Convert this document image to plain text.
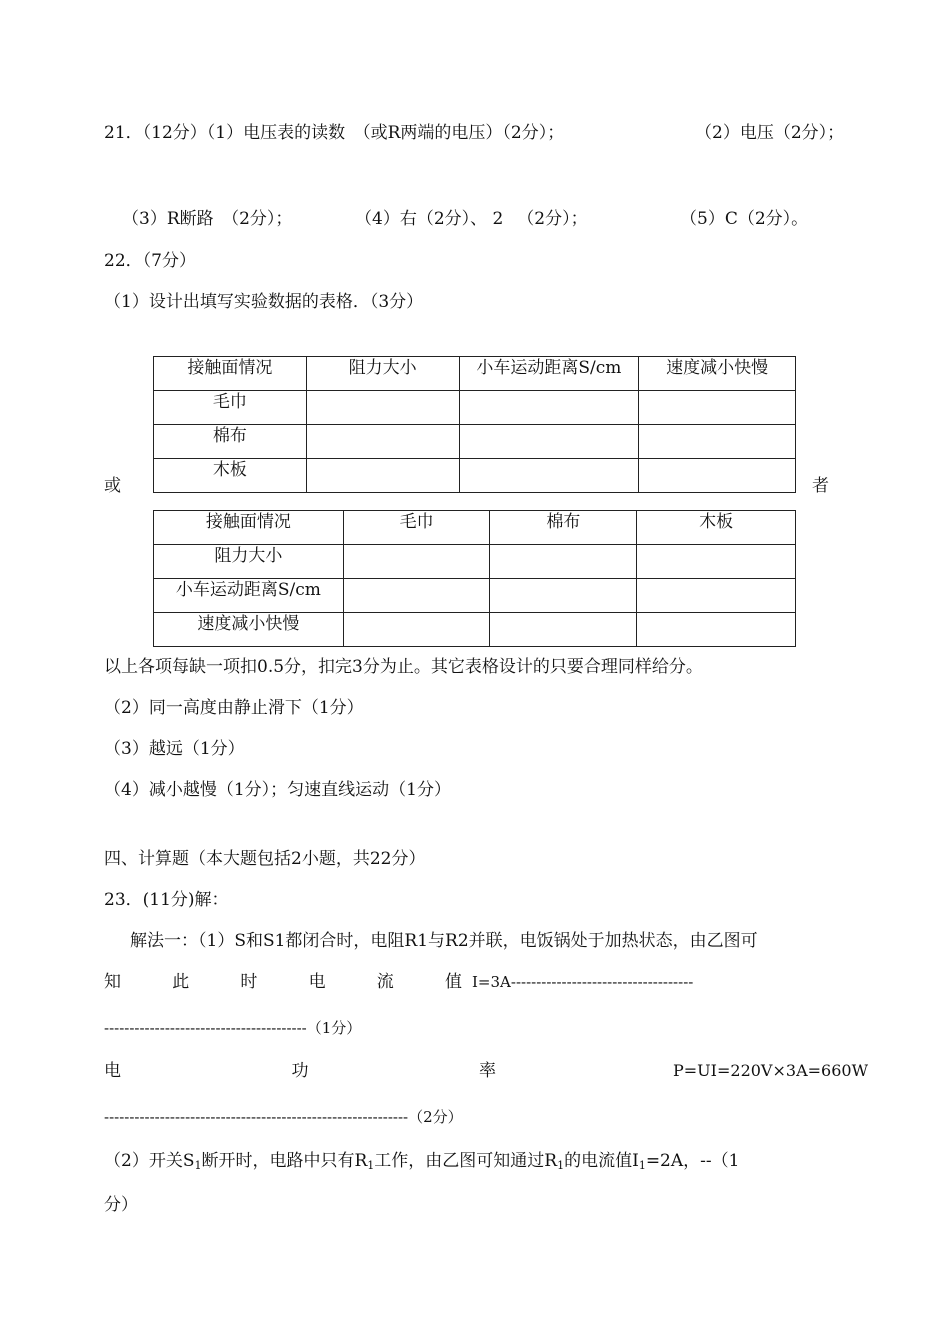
21．（12分）（1）电压表的读数　（或R两端的电压）（2分）；	（2）电压（2分）；
（3）R断路　（2分）；	（4）右（2分）、 2 　（2分）；	（5）C（2分）。
22．（7分）
（1）设计出填写实验数据的表格．（3分）
接触面情况	阻力大小	小车运动距离S/cm	速度减小快慢
毛巾			
棉布			
木板			
或	者
接触面情况	毛巾	棉布	木板
阻力大小			
小车运动距离S/cm			
速度减小快慢			
以上各项每缺一项扣0.5分，扣完3分为止。其它表格设计的只要合理同样给分。
（2）同一高度由静止滑下（1分）
（3）越远（1分）
（4）减小越慢（1分）；匀速直线运动（1分）
四、计算题（本大题包括2小题，共22分）
23．(11分)解：
解法一：（1）S和S1都闭合时，电阻R1与R2并联，电饭锅处于加热状态，由乙图可
知	此	时	电	流	值 I=3A------------------------------------
----------------------------------------（1分）
电	功	率	P=UI=220V×3A=660W
------------------------------------------------------------（2分）
（2）开关$S_1$断开时，电路中只有$R_1$工作，由乙图可知通过$R_1$的电流值$I_1=2A$，--（1
分）
